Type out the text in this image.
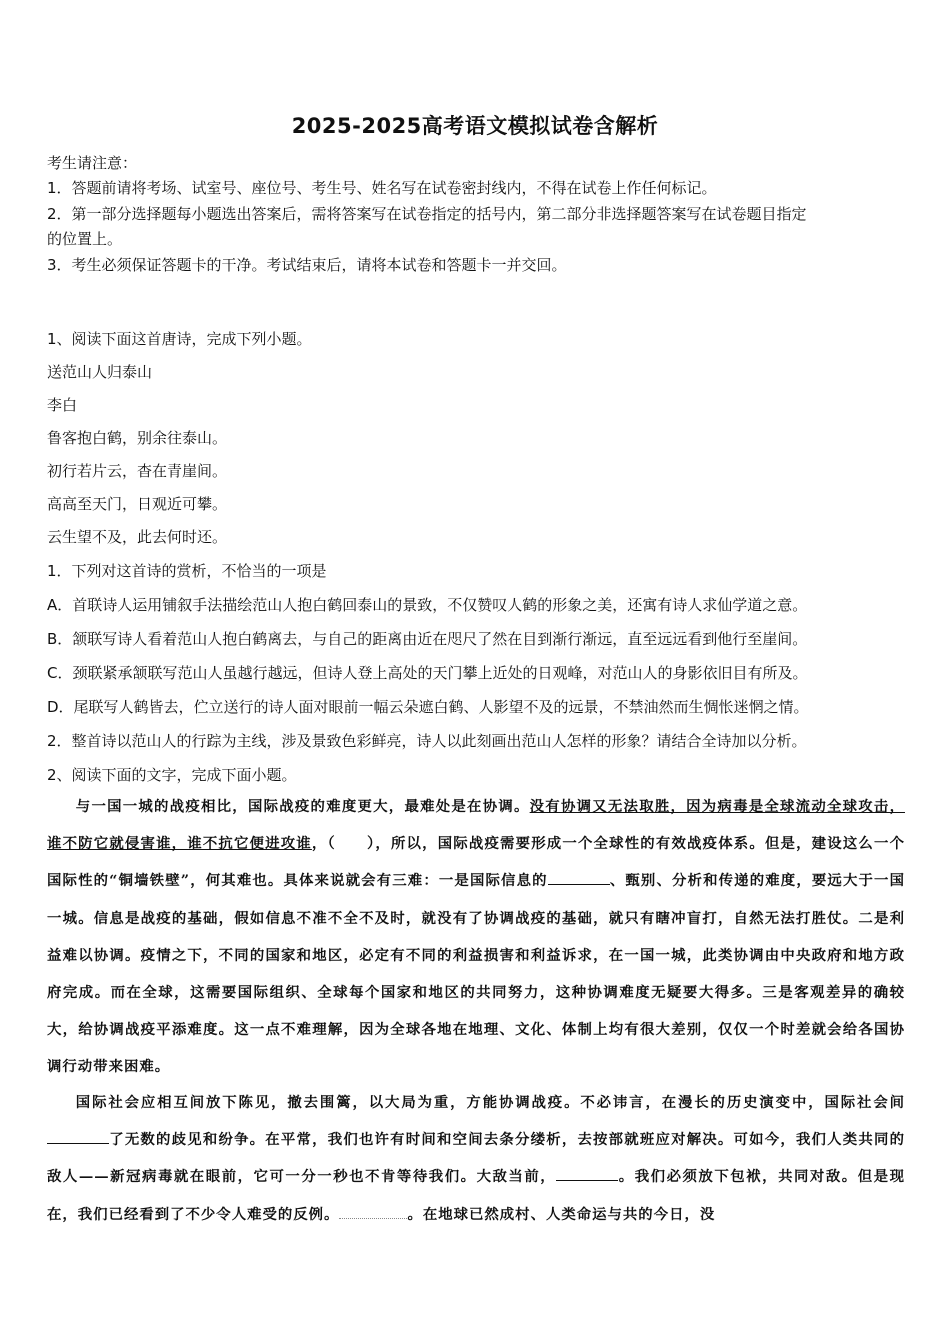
2025-2025高考语文模拟试卷含解析
考生请注意：
1．答题前请将考场、试室号、座位号、考生号、姓名写在试卷密封线内，不得在试卷上作任何标记。
2．第一部分选择题每小题选出答案后，需将答案写在试卷指定的括号内，第二部分非选择题答案写在试卷题目指定
的位置上。
3．考生必须保证答题卡的干净。考试结束后，请将本试卷和答题卡一并交回。
1、阅读下面这首唐诗，完成下列小题。
送范山人归泰山
李白
鲁客抱白鹤，别余往泰山。
初行若片云，杳在青崖间。
高高至天门，日观近可攀。
云生望不及，此去何时还。
1．下列对这首诗的赏析，不恰当的一项是
A．首联诗人运用铺叙手法描绘范山人抱白鹤回泰山的景致，不仅赞叹人鹤的形象之美，还寓有诗人求仙学道之意。
B．颔联写诗人看着范山人抱白鹤离去，与自己的距离由近在咫尺了然在目到渐行渐远，直至远远看到他行至崖间。
C．颈联紧承颔联写范山人虽越行越远，但诗人登上高处的天门攀上近处的日观峰，对范山人的身影依旧目有所及。
D．尾联写人鹤皆去，伫立送行的诗人面对眼前一幅云朵遮白鹤、人影望不及的远景，不禁油然而生惆怅迷惘之情。
2．整首诗以范山人的行踪为主线，涉及景致色彩鲜亮，诗人以此刻画出范山人怎样的形象？请结合全诗加以分析。
2、阅读下面的文字，完成下面小题。
与一国一城的战疫相比，国际战疫的难度更大，最难处是在协调。没有协调又无法取胜，因为病毒是全球流动全球攻击，谁不防它就侵害谁，谁不抗它便进攻谁，（　　），所以，国际战疫需要形成一个全球性的有效战疫体系。但是，建设这么一个国际性的“铜墙铁壁”，何其难也。具体来说就会有三难：一是国际信息的	、甄别、分析和传递的难度，要远大于一国一城。信息是战疫的基础，假如信息不准不全不及时，就没有了协调战疫的基础，就只有瞎冲盲打，自然无法打胜仗。二是利益难以协调。疫情之下，不同的国家和地区，必定有不同的利益损害和利益诉求，在一国一城，此类协调由中央政府和地方政府完成。而在全球，这需要国际组织、全球每个国家和地区的共同努力，这种协调难度无疑要大得多。三是客观差异的确较大，给协调战疫平添难度。这一点不难理解，因为全球各地在地理、文化、体制上均有很大差别，仅仅一个时差就会给各国协调行动带来困难。
国际社会应相互间放下陈见，撤去围篱，以大局为重，方能协调战疫。不必讳言，在漫长的历史演变中，国际社会间了无数的歧见和纷争。在平常，我们也许有时间和空间去条分缕析，去按部就班应对解决。可如今，我们人类共同的敌人——新冠病毒就在眼前，它可一分一秒也不肯等待我们。大敌当前，	。我们必须放下包袱，共同对敌。但是现在，我们已经看到了不少令人难受的反例。	。在地球已然成村、人类命运与共的今日，没
